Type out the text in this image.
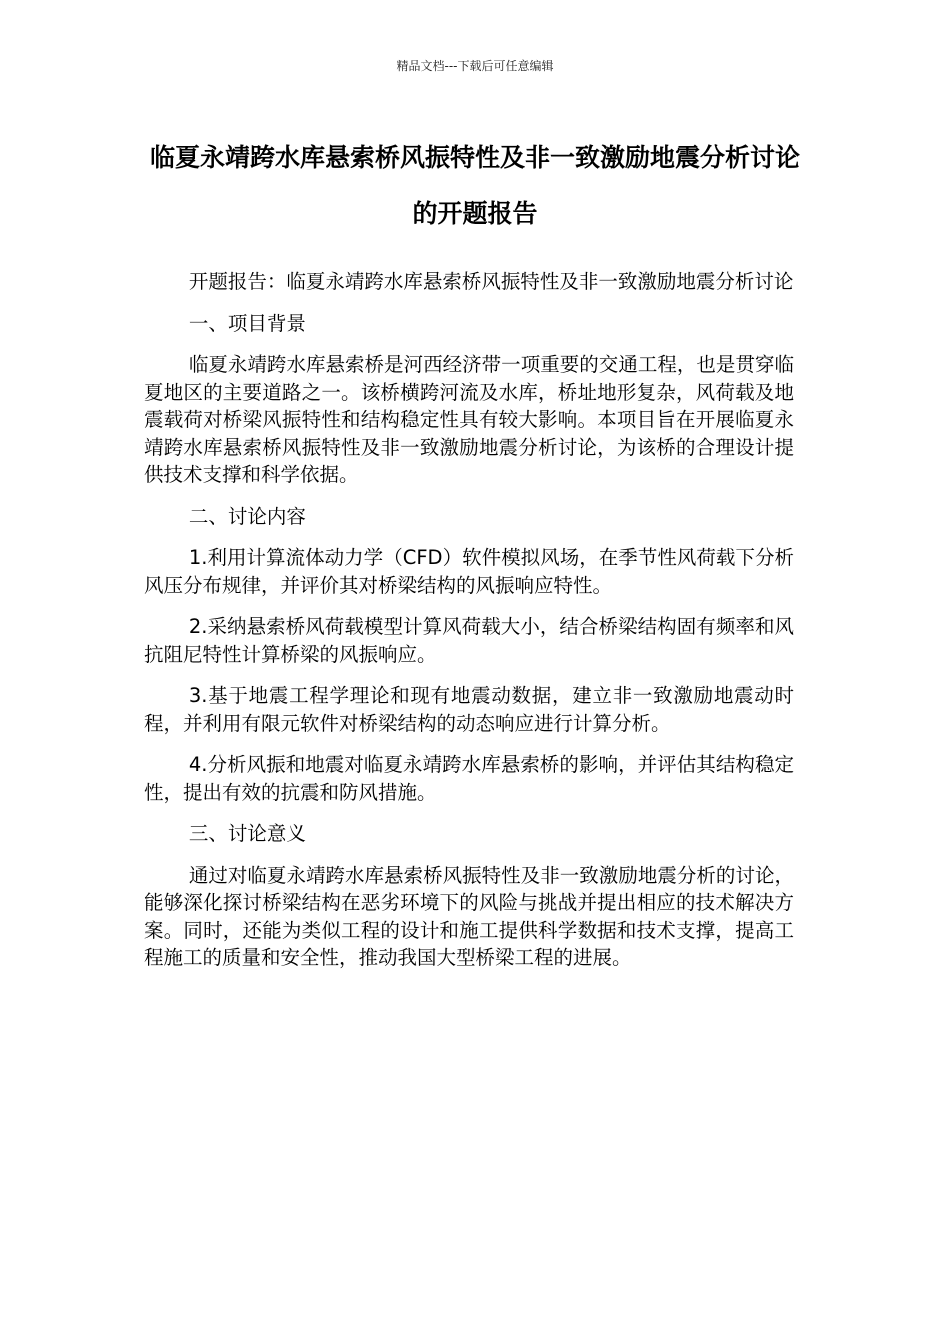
精品文档---下载后可任意编辑
临夏永靖跨水库悬索桥风振特性及非一致激励地震分析讨论的开题报告

开题报告：临夏永靖跨水库悬索桥风振特性及非一致激励地震分析讨论

一、项目背景

临夏永靖跨水库悬索桥是河西经济带一项重要的交通工程，也是贯穿临夏地区的主要道路之一。该桥横跨河流及水库，桥址地形复杂，风荷载及地震载荷对桥梁风振特性和结构稳定性具有较大影响。本项目旨在开展临夏永靖跨水库悬索桥风振特性及非一致激励地震分析讨论，为该桥的合理设计提供技术支撑和科学依据。

二、讨论内容

1.利用计算流体动力学（CFD）软件模拟风场，在季节性风荷载下分析风压分布规律，并评价其对桥梁结构的风振响应特性。

2.采纳悬索桥风荷载模型计算风荷载大小，结合桥梁结构固有频率和风抗阻尼特性计算桥梁的风振响应。

3.基于地震工程学理论和现有地震动数据，建立非一致激励地震动时程，并利用有限元软件对桥梁结构的动态响应进行计算分析。

4.分析风振和地震对临夏永靖跨水库悬索桥的影响，并评估其结构稳定性，提出有效的抗震和防风措施。

三、讨论意义

通过对临夏永靖跨水库悬索桥风振特性及非一致激励地震分析的讨论，能够深化探讨桥梁结构在恶劣环境下的风险与挑战并提出相应的技术解决方案。同时，还能为类似工程的设计和施工提供科学数据和技术支撑，提高工程施工的质量和安全性，推动我国大型桥梁工程的进展。
